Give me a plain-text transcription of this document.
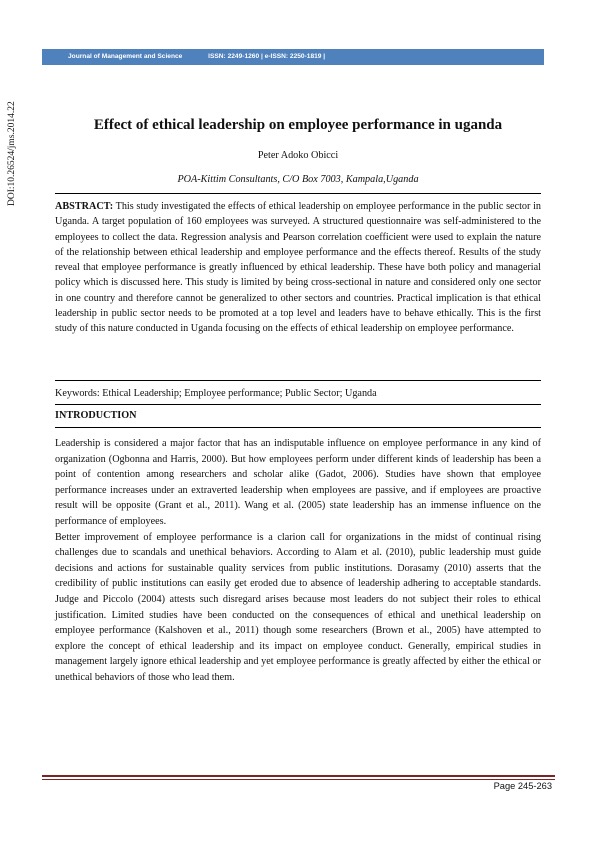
Journal of Management and Science	ISSN: 2249-1260 | e-ISSN: 2250-1819 |
DOI:10.26524/jms.2014.22	Effect of ethical leadership on employee performance in uganda
Peter Adoko Obicci
POA-Kittim Consultants, C/O Box 7003, Kampala,Uganda

ABSTRACT: This study investigated the effects of ethical leadership on employee performance in the public sector in Uganda. A target population of 160 employees was surveyed. A structured questionnaire was self-administered to the employees to collect the data. Regression analysis and Pearson correlation coefficient were used to explain the nature of the relationship between ethical leadership and employee performance and the effects thereof. Results of the study reveal that employee performance is greatly influenced by ethical leadership. These have both policy and managerial policy which is discussed here. This study is limited by being cross-sectional in nature and considered only one sector in one country and therefore cannot be generalized to other sectors and countries. Practical implication is that ethical leadership in public sector needs to be promoted at a top level and leaders have to behave ethically. This is the first study of this nature conducted in Uganda focusing on the effects of ethical leadership on employee performance.

Keywords: Ethical Leadership; Employee performance; Public Sector; Uganda
INTRODUCTION

Leadership is considered a major factor that has an indisputable influence on employee performance in any kind of organization (Ogbonna and Harris, 2000). But how employees perform under different kinds of leadership has been a point of contention among researchers and scholar alike (Gadot, 2006). Studies have shown that employee performance increases under an extraverted leadership when employees are passive, and if employees are proactive result will be opposite (Grant et al., 2011). Wang et al. (2005) state leadership has an immense influence on the performance of employees.

Better improvement of employee performance is a clarion call for organizations in the midst of continual rising challenges due to scandals and unethical behaviors. According to Alam et al. (2010), public leadership must guide decisions and actions for sustainable quality services from public institutions. Dorasamy (2010) asserts that the credibility of public institutions can easily get eroded due to absence of leadership adhering to acceptable standards. Judge and Piccolo (2004) attests such disregard arises because most leaders do not subject their roles to ethical justification. Limited studies have been conducted on the consequences of ethical and unethical leadership on employee performance (Kalshoven et al., 2011) though some researchers (Brown et al., 2005) have attempted to explore the concept of ethical leadership and its impact on employee conduct. Generally, empirical studies in management largely ignore ethical leadership and yet employee performance is greatly affected by either the ethical or unethical behaviors of those who lead them.

Page 245-263
